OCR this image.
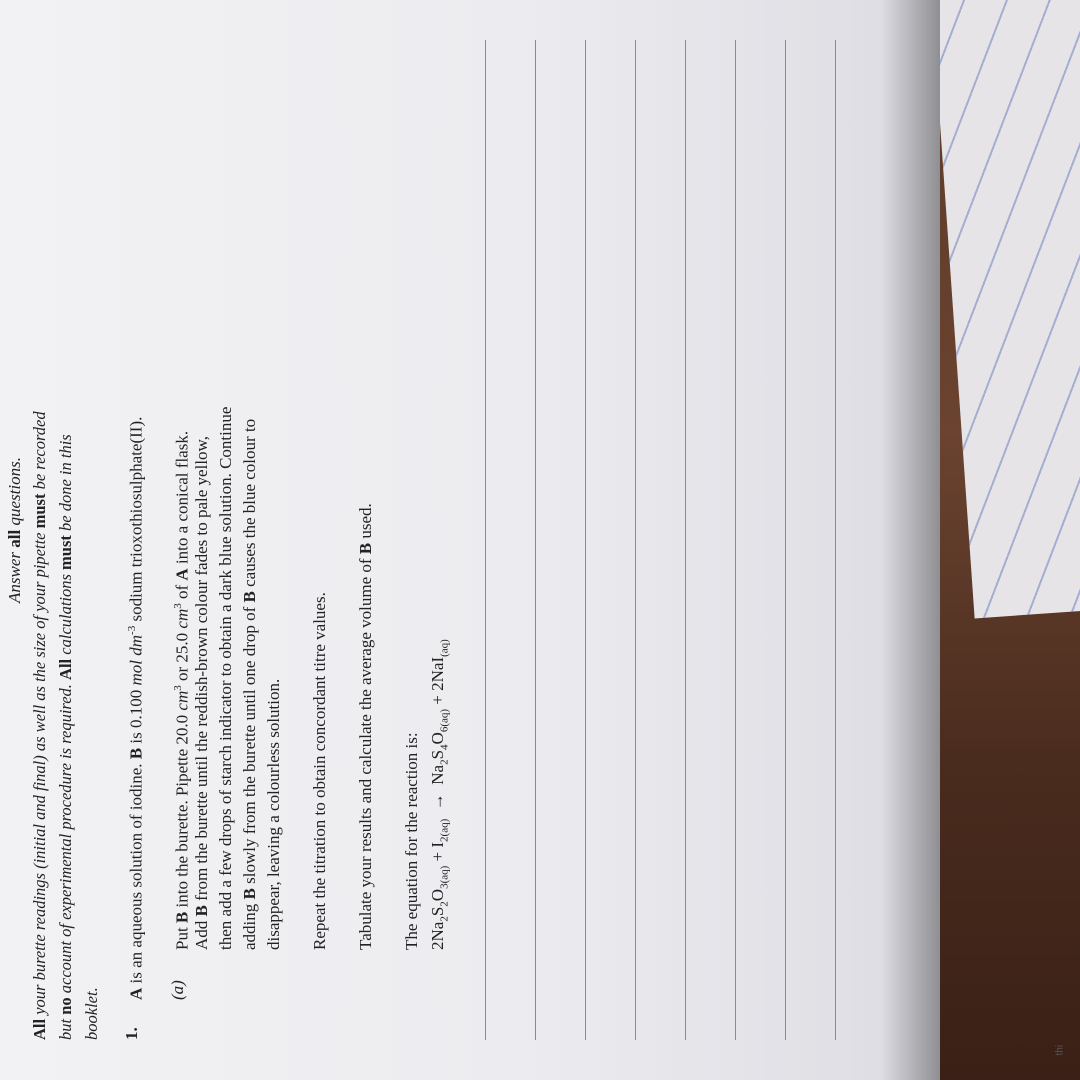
thi
Answer all questions.
All your burette readings (initial and final) as well as the size of your pipette must be recorded
but no account of experimental procedure is required. All calculations must be done in this
booklet. 1.
A is an aqueous solution of iodine. B is 0.100 mol $dm^{-3}$ sodium trioxothiosulphate(II).
(a)
Put B into the burette. Pipette 20.0 $cm^3$ or 25.0 $cm^3$ of A into a conical flask.
Add B from the burette until the reddish-brown colour fades to pale yellow, then add a few drops of starch indicator to obtain a dark blue solution. Continue adding B slowly from the burette until one drop of B causes the blue colour to
disappear, leaving a colourless solution. Repeat the titration to obtain concordant titre values. Tabulate your results and calculate the average volume of B used.
The equation for the reaction is: $2Na_2S_2O_{3(aq)} + I_{2(aq)} \to Na_2S_4O_{6(aq)} + 2NaI_{(aq)}$
